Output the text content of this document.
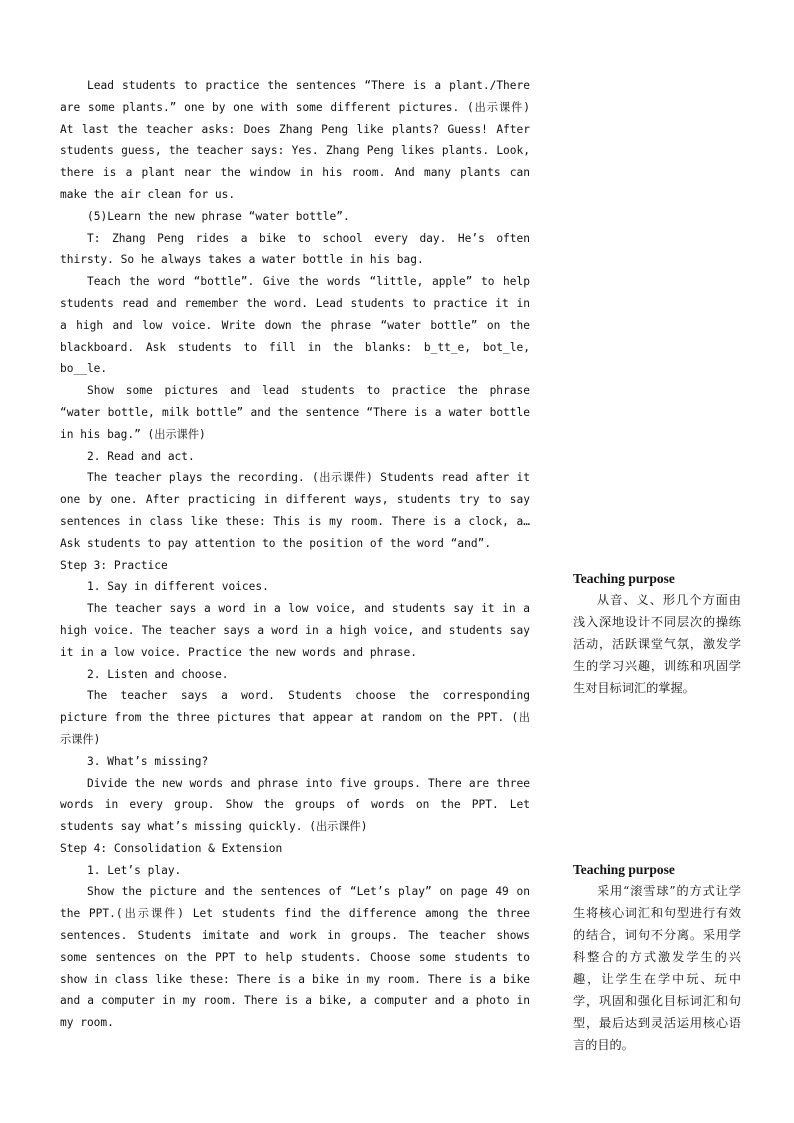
Lead students to practice the sentences “There is a plant./There are some plants.” one by one with some different pictures. (出示课件) At last the teacher asks: Does Zhang Peng like plants? Guess! After students guess, the teacher says: Yes. Zhang Peng likes plants. Look, there is a plant near the window in his room. And many plants can make the air clean for us.

(5)Learn the new phrase “water bottle”.

T: Zhang Peng rides a bike to school every day. He’s often thirsty. So he always takes a water bottle in his bag.

Teach the word “bottle”. Give the words “little, apple” to help students read and remember the word. Lead students to practice it in a high and low voice. Write down the phrase “water bottle” on the blackboard. Ask students to fill in the blanks: b_tt_e, bot_le, bo__le.

Show some pictures and lead students to practice the phrase “water bottle, milk bottle” and the sentence “There is a water bottle in his bag.” (出示课件)

2. Read and act.

The teacher plays the recording. (出示课件) Students read after it one by one. After practicing in different ways, students try to say sentences in class like these: This is my room. There is a clock, a… Ask students to pay attention to the position of the word “and”.

Step 3: Practice

1. Say in different voices.

The teacher says a word in a low voice, and students say it in a high voice. The teacher says a word in a high voice, and students say it in a low voice. Practice the new words and phrase.

2. Listen and choose.

The teacher says a word. Students choose the corresponding picture from the three pictures that appear at random on the PPT. (出示课件)

3. What’s missing?

Divide the new words and phrase into five groups. There are three words in every group. Show the groups of words on the PPT. Let students say what’s missing quickly. (出示课件)

Step 4: Consolidation & Extension

1. Let’s play.

Show the picture and the sentences of “Let’s play” on page 49 on the PPT.(出示课件) Let students find the difference among the three sentences. Students imitate and work in groups. The teacher shows some sentences on the PPT to help students. Choose some students to show in class like these: There is a bike in my room. There is a bike and a computer in my room. There is a bike, a computer and a photo in my room.

Teaching purpose

从音、义、形几个方面由浅入深地设计不同层次的操练活动，活跃课堂气氛，激发学生的学习兴趣，训练和巩固学生对目标词汇的掌握。

Teaching purpose

采用“滚雪球”的方式让学生将核心词汇和句型进行有效的结合，词句不分离。采用学科整合的方式激发学生的兴趣，让学生在学中玩、玩中学，巩固和强化目标词汇和句型，最后达到灵活运用核心语言的目的。
